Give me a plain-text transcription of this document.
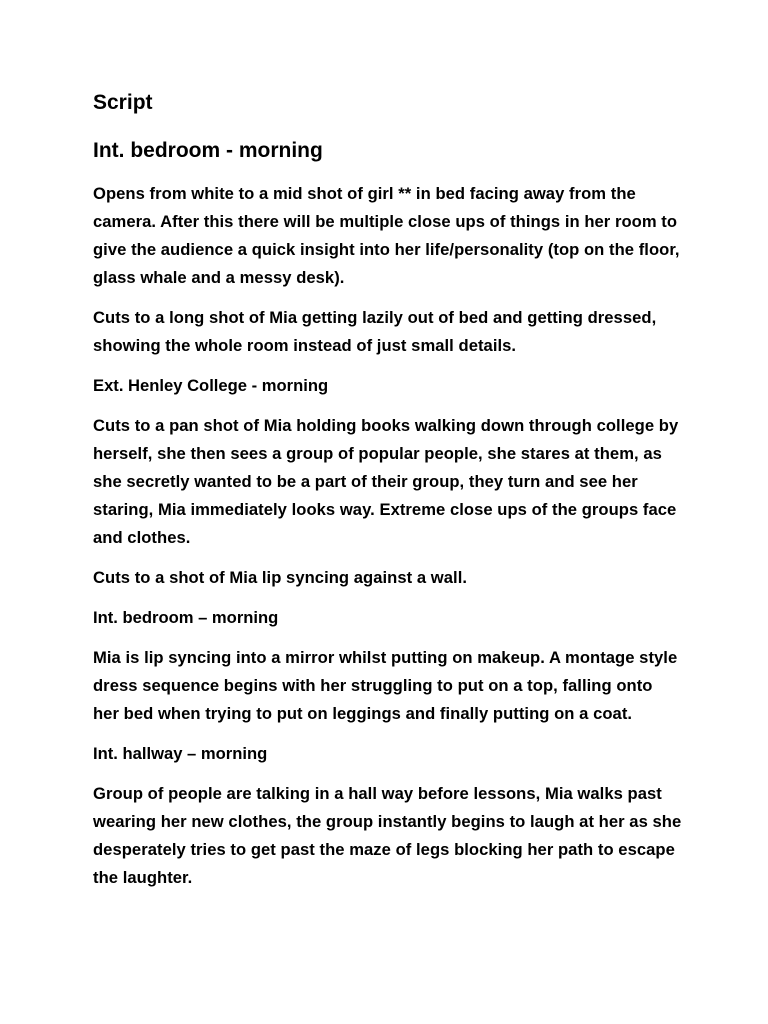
Script
Int. bedroom - morning

Opens from white to a mid shot of girl ** in bed facing away from the camera. After this there will be multiple close ups of things in her room to give the audience a quick insight into her life/personality (top on the floor, glass whale and a messy desk).

Cuts to a long shot of Mia getting lazily out of bed and getting dressed, showing the whole room instead of just small details.

Ext. Henley College - morning

Cuts to a pan shot of Mia holding books walking down through college by herself, she then sees a group of popular people, she stares at them, as she secretly wanted to be a part of their group, they turn and see her staring, Mia immediately looks way. Extreme close ups of the groups face and clothes.

Cuts to a shot of Mia lip syncing against a wall.

Int. bedroom – morning

Mia is lip syncing into a mirror whilst putting on makeup. A montage style dress sequence begins with her struggling to put on a top, falling onto her bed when trying to put on leggings and finally putting on a coat.

Int. hallway – morning

Group of people are talking in a hall way before lessons, Mia walks past wearing her new clothes, the group instantly begins to laugh at her as she desperately tries to get past the maze of legs blocking her path to escape the laughter.
